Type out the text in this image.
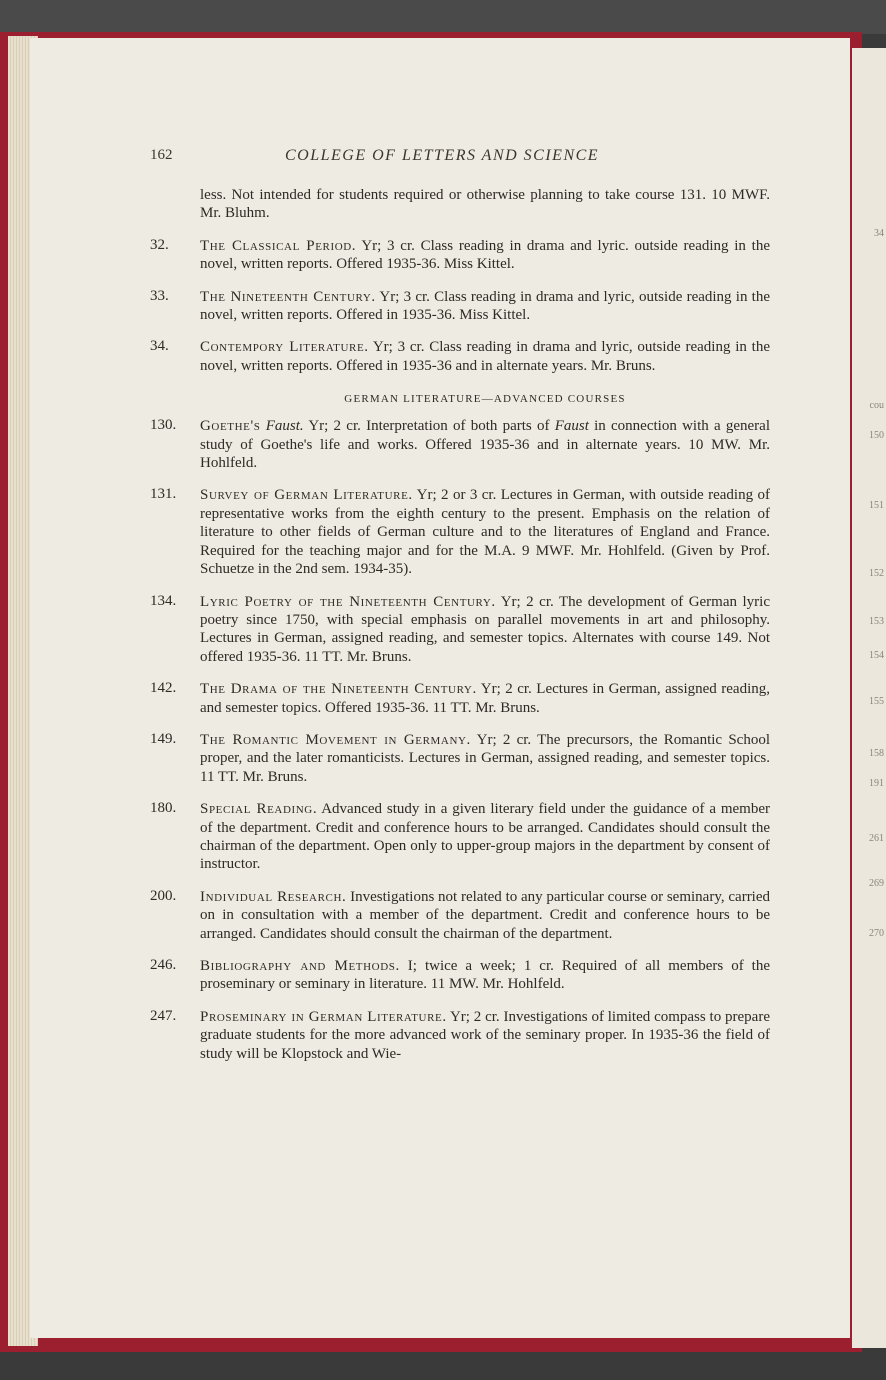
34
cou
150
151
152
153
154
155
158
191
261
269
270
162	COLLEGE OF LETTERS AND SCIENCE
less. Not intended for students required or otherwise planning to take course 131. 10 MWF. Mr. Bluhm.
32. The Classical Period. Yr; 3 cr. Class reading in drama and lyric. outside reading in the novel, written reports. Offered 1935-36. Miss Kittel.
33. The Nineteenth Century. Yr; 3 cr. Class reading in drama and lyric, outside reading in the novel, written reports. Offered in 1935-36. Miss Kittel.
34. Contempory Literature. Yr; 3 cr. Class reading in drama and lyric, outside reading in the novel, written reports. Offered in 1935-36 and in alternate years. Mr. Bruns.
GERMAN LITERATURE—ADVANCED COURSES
130. Goethe's Faust. Yr; 2 cr. Interpretation of both parts of Faust in connection with a general study of Goethe's life and works. Offered 1935-36 and in alternate years. 10 MW. Mr. Hohlfeld.
131. Survey of German Literature. Yr; 2 or 3 cr. Lectures in German, with outside reading of representative works from the eighth century to the present. Emphasis on the relation of literature to other fields of German culture and to the literatures of England and France. Required for the teaching major and for the M.A. 9 MWF. Mr. Hohlfeld. (Given by Prof. Schuetze in the 2nd sem. 1934-35).
134. Lyric Poetry of the Nineteenth Century. Yr; 2 cr. The development of German lyric poetry since 1750, with special emphasis on parallel movements in art and philosophy. Lectures in German, assigned reading, and semester topics. Alternates with course 149. Not offered 1935-36. 11 TT. Mr. Bruns.
142. The Drama of the Nineteenth Century. Yr; 2 cr. Lectures in German, assigned reading, and semester topics. Offered 1935-36. 11 TT. Mr. Bruns.
149. The Romantic Movement in Germany. Yr; 2 cr. The precursors, the Romantic School proper, and the later romanticists. Lectures in German, assigned reading, and semester topics. 11 TT. Mr. Bruns.
180. Special Reading. Advanced study in a given literary field under the guidance of a member of the department. Credit and conference hours to be arranged. Candidates should consult the chairman of the department. Open only to upper-group majors in the department by consent of instructor.
200. Individual Research. Investigations not related to any particular course or seminary, carried on in consultation with a member of the department. Credit and conference hours to be arranged. Candidates should consult the chairman of the department.
246. Bibliography and Methods. I; twice a week; 1 cr. Required of all members of the proseminary or seminary in literature. 11 MW. Mr. Hohlfeld.
247. Proseminary in German Literature. Yr; 2 cr. Investigations of limited compass to prepare graduate students for the more advanced work of the seminary proper. In 1935-36 the field of study will be Klopstock and Wie-
